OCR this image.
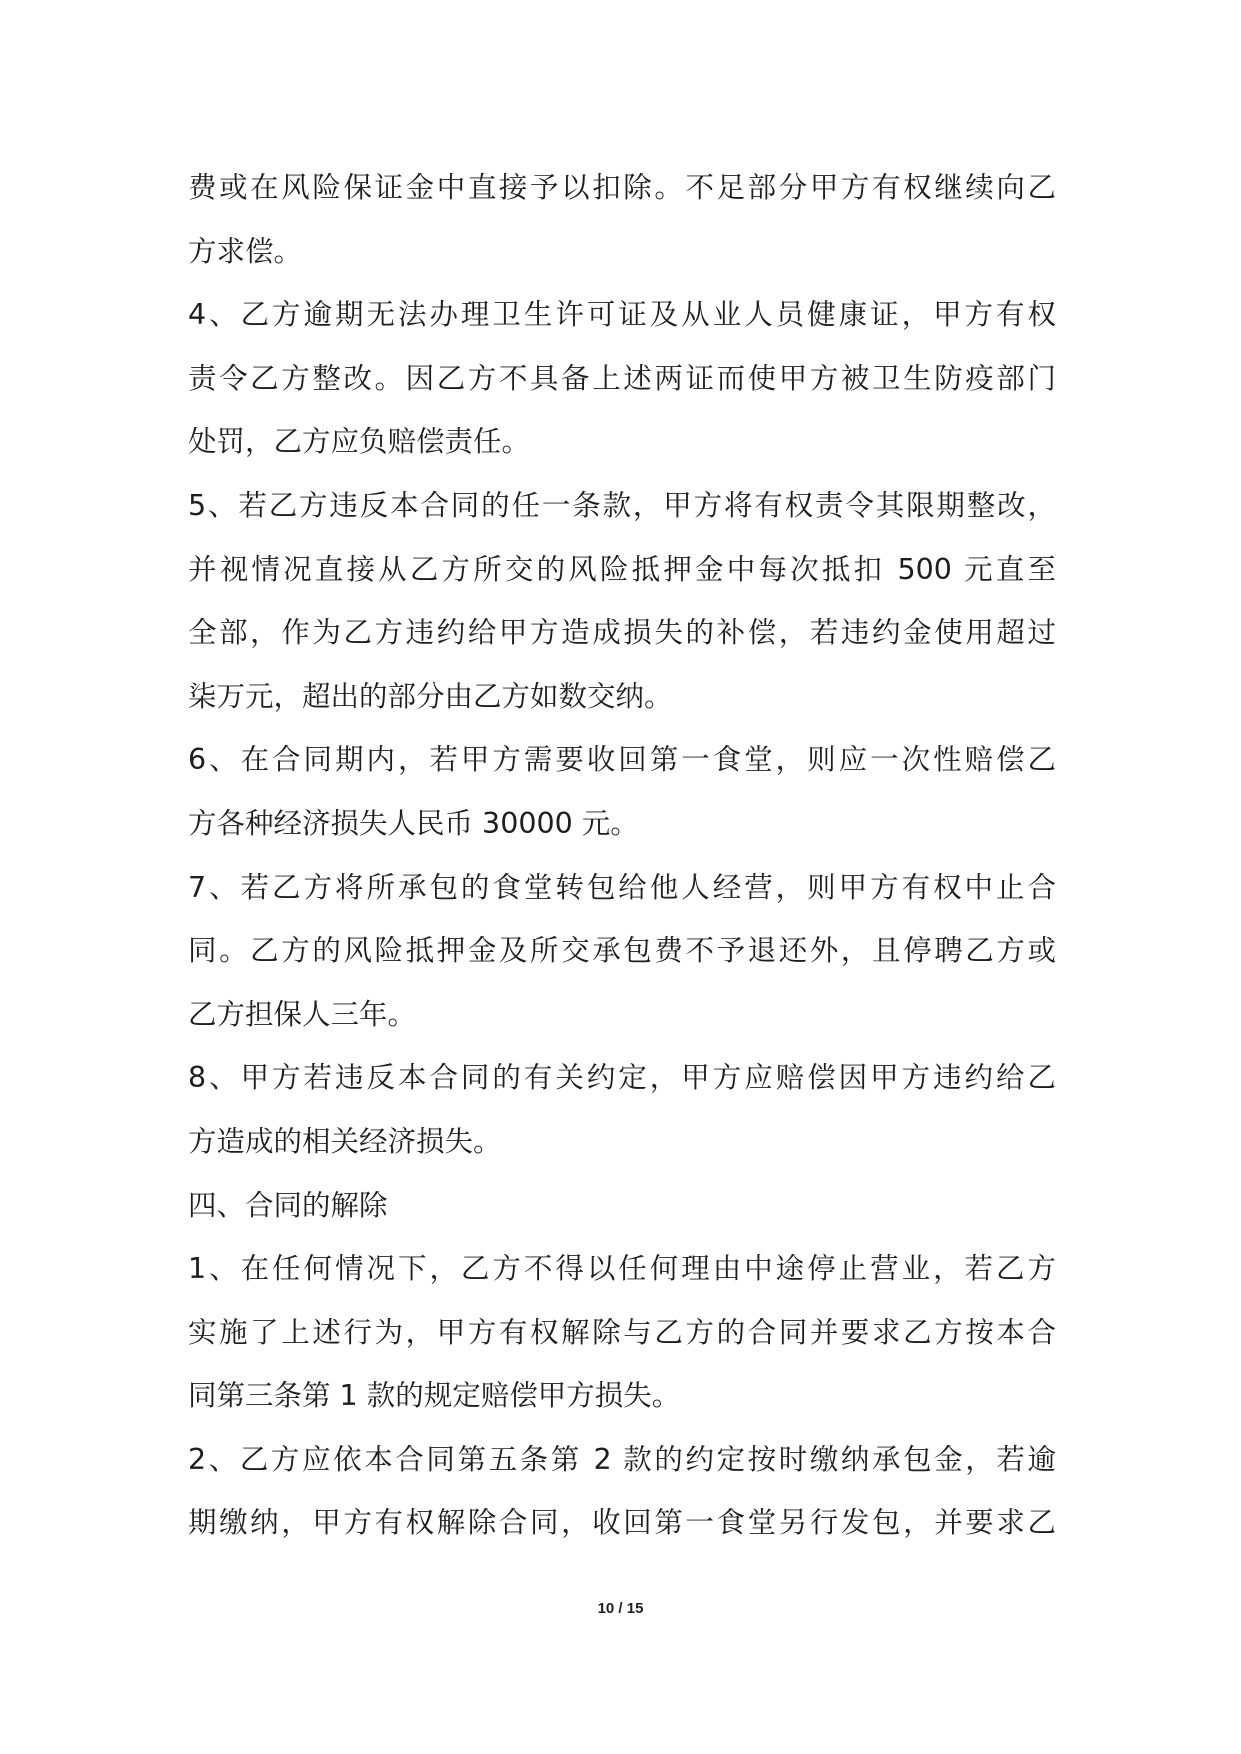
费或在风险保证金中直接予以扣除。不足部分甲方有权继续向乙
方求偿。
4、乙方逾期无法办理卫生许可证及从业人员健康证，甲方有权
责令乙方整改。因乙方不具备上述两证而使甲方被卫生防疫部门
处罚，乙方应负赔偿责任。
5、若乙方违反本合同的任一条款，甲方将有权责令其限期整改，
并视情况直接从乙方所交的风险抵押金中每次抵扣 500 元直至
全部，作为乙方违约给甲方造成损失的补偿，若违约金使用超过
柒万元，超出的部分由乙方如数交纳。
6、在合同期内，若甲方需要收回第一食堂，则应一次性赔偿乙
方各种经济损失人民币 30000 元。
7、若乙方将所承包的食堂转包给他人经营，则甲方有权中止合
同。乙方的风险抵押金及所交承包费不予退还外，且停聘乙方或
乙方担保人三年。
8、甲方若违反本合同的有关约定，甲方应赔偿因甲方违约给乙
方造成的相关经济损失。
四、合同的解除
1、在任何情况下，乙方不得以任何理由中途停止营业，若乙方
实施了上述行为，甲方有权解除与乙方的合同并要求乙方按本合
同第三条第 1 款的规定赔偿甲方损失。
2、乙方应依本合同第五条第 2 款的约定按时缴纳承包金，若逾
期缴纳，甲方有权解除合同，收回第一食堂另行发包，并要求乙
10 / 15
